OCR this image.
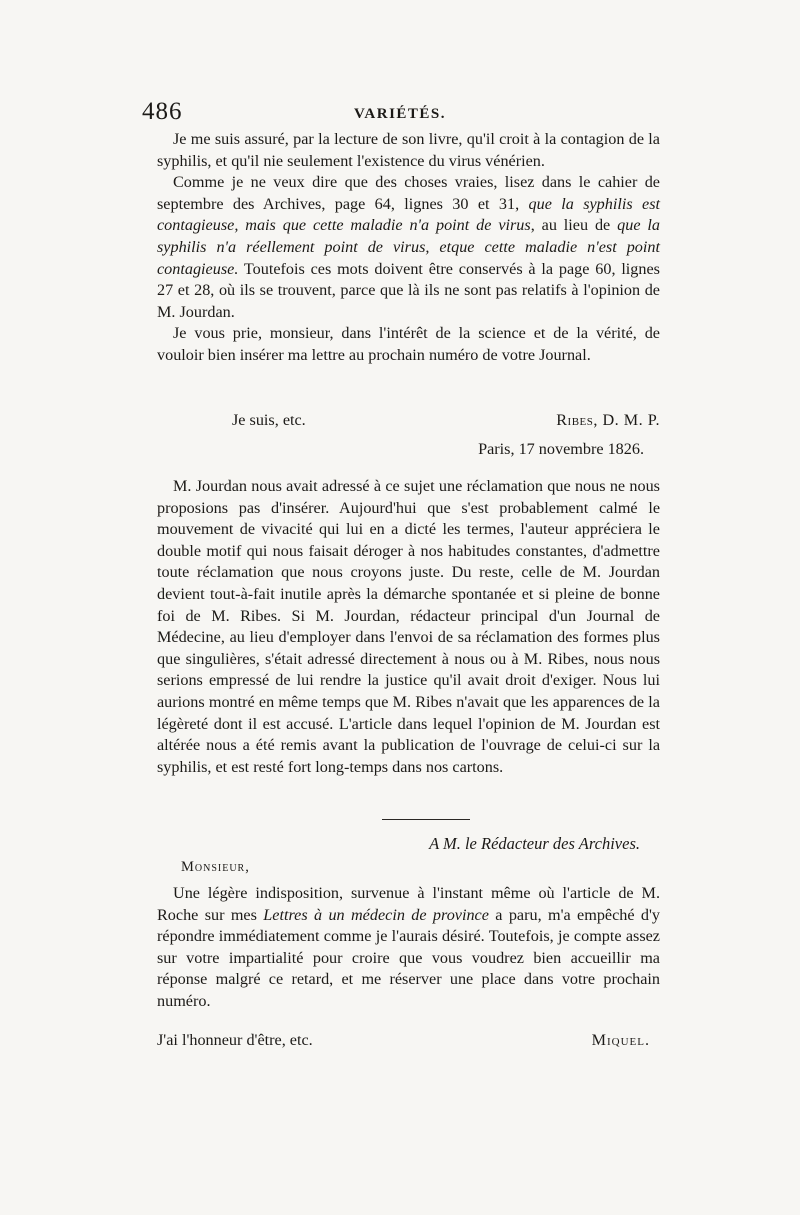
486	VARIÉTÉS.

Je me suis assuré, par la lecture de son livre, qu'il croit à la contagion de la syphilis, et qu'il nie seulement l'existence du virus vénérien.

Comme je ne veux dire que des choses vraies, lisez dans le cahier de septembre des Archives, page 64, lignes 30 et 31, que la syphilis est contagieuse, mais que cette maladie n'a point de virus, au lieu de que la syphilis n'a réellement point de virus, etque cette maladie n'est point contagieuse. Toutefois ces mots doivent être conservés à la page 60, lignes 27 et 28, où ils se trouvent, parce que là ils ne sont pas relatifs à l'opinion de M. Jourdan.

Je vous prie, monsieur, dans l'intérêt de la science et de la vérité, de vouloir bien insérer ma lettre au prochain numéro de votre Journal.

Je suis, etc.	Ribes, D. M. P.
Paris, 17 novembre 1826.

M. Jourdan nous avait adressé à ce sujet une réclamation que nous ne nous proposions pas d'insérer. Aujourd'hui que s'est probablement calmé le mouvement de vivacité qui lui en a dicté les termes, l'auteur appréciera le double motif qui nous faisait déroger à nos habitudes constantes, d'admettre toute réclamation que nous croyons juste. Du reste, celle de M. Jourdan devient tout-à-fait inutile après la démarche spontanée et si pleine de bonne foi de M. Ribes. Si M. Jourdan, rédacteur principal d'un Journal de Médecine, au lieu d'employer dans l'envoi de sa réclamation des formes plus que singulières, s'était adressé directement à nous ou à M. Ribes, nous nous serions empressé de lui rendre la justice qu'il avait droit d'exiger. Nous lui aurions montré en même temps que M. Ribes n'avait que les apparences de la légèreté dont il est accusé. L'article dans lequel l'opinion de M. Jourdan est altérée nous a été remis avant la publication de l'ouvrage de celui-ci sur la syphilis, et est resté fort long-temps dans nos cartons.

A M. le Rédacteur des Archives.
Monsieur,

Une légère indisposition, survenue à l'instant même où l'article de M. Roche sur mes Lettres à un médecin de province a paru, m'a empêché d'y répondre immédiatement comme je l'aurais désiré. Toutefois, je compte assez sur votre impartialité pour croire que vous voudrez bien accueillir ma réponse malgré ce retard, et me réserver une place dans votre prochain numéro.

J'ai l'honneur d'être, etc.	Miquel.
